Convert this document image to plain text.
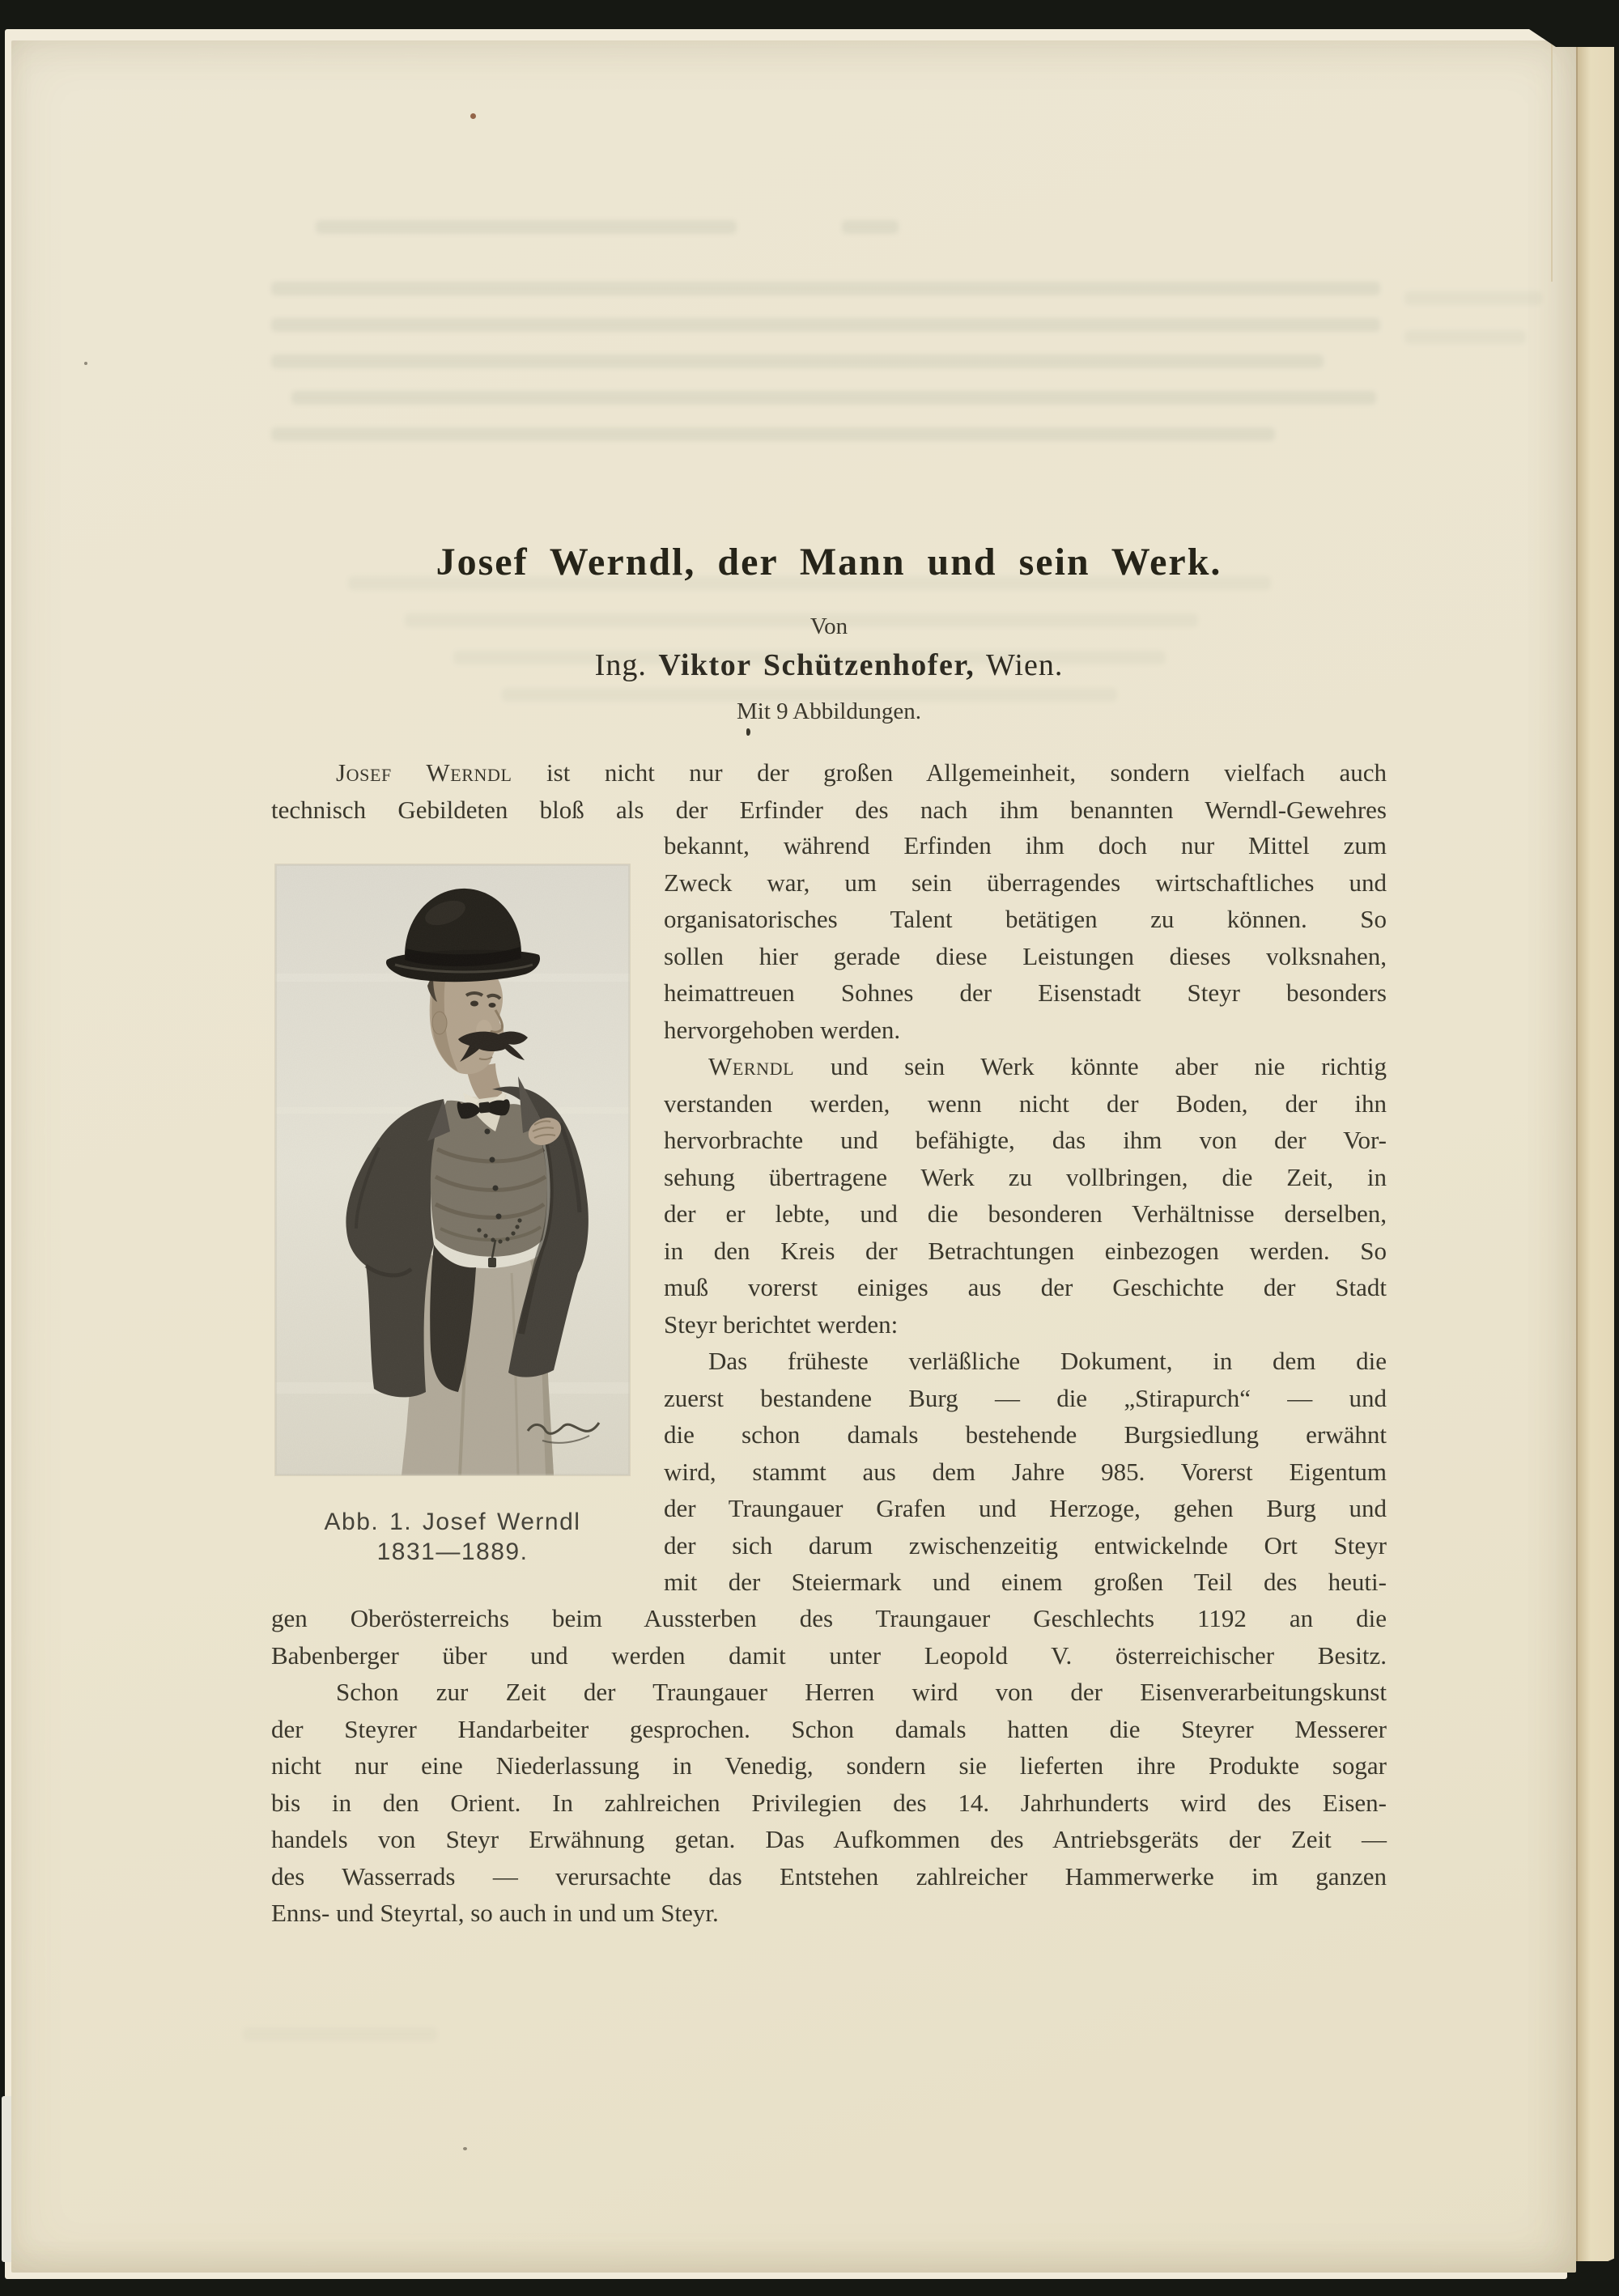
Josef Werndl, der Mann und sein Werk.
Von
Ing. Viktor Schützenhofer, Wien.
Mit 9 Abbildungen.
Josef Werndl ist nicht nur der großen Allgemeinheit, sondern vielfach auch
technisch Gebildeten bloß als der Erfinder des nach ihm benannten Werndl-Gewehres
bekannt, während Erfinden ihm doch nur Mittel zum
Zweck war, um sein überragendes wirtschaftliches und
organisatorisches Talent betätigen zu können. So
sollen hier gerade diese Leistungen dieses volksnahen,
heimattreuen Sohnes der Eisenstadt Steyr besonders
hervorgehoben werden.
Werndl und sein Werk könnte aber nie richtig
verstanden werden, wenn nicht der Boden, der ihn
hervorbrachte und befähigte, das ihm von der Vor-
sehung übertragene Werk zu vollbringen, die Zeit, in
der er lebte, und die besonderen Verhältnisse derselben,
in den Kreis der Betrachtungen einbezogen werden. So
muß vorerst einiges aus der Geschichte der Stadt
Steyr berichtet werden:
Das früheste verläßliche Dokument, in dem die
zuerst bestandene Burg — die „Stirapurch“ — und
die schon damals bestehende Burgsiedlung erwähnt
wird, stammt aus dem Jahre 985. Vorerst Eigentum
der Traungauer Grafen und Herzoge, gehen Burg und
der sich darum zwischenzeitig entwickelnde Ort Steyr
mit der Steiermark und einem großen Teil des heuti-
gen Oberösterreichs beim Aussterben des Traungauer Geschlechts 1192 an die
Babenberger über und werden damit unter Leopold V. österreichischer Besitz.
Schon zur Zeit der Traungauer Herren wird von der Eisenverarbeitungskunst
der Steyrer Handarbeiter gesprochen. Schon damals hatten die Steyrer Messerer
nicht nur eine Niederlassung in Venedig, sondern sie lieferten ihre Produkte sogar
bis in den Orient. In zahlreichen Privilegien des 14. Jahrhunderts wird des Eisen-
handels von Steyr Erwähnung getan. Das Aufkommen des Antriebsgeräts der Zeit —
des Wasserrads — verursachte das Entstehen zahlreicher Hammerwerke im ganzen
Enns- und Steyrtal, so auch in und um Steyr.
Abb. 1. Josef Werndl
1831—1889.
